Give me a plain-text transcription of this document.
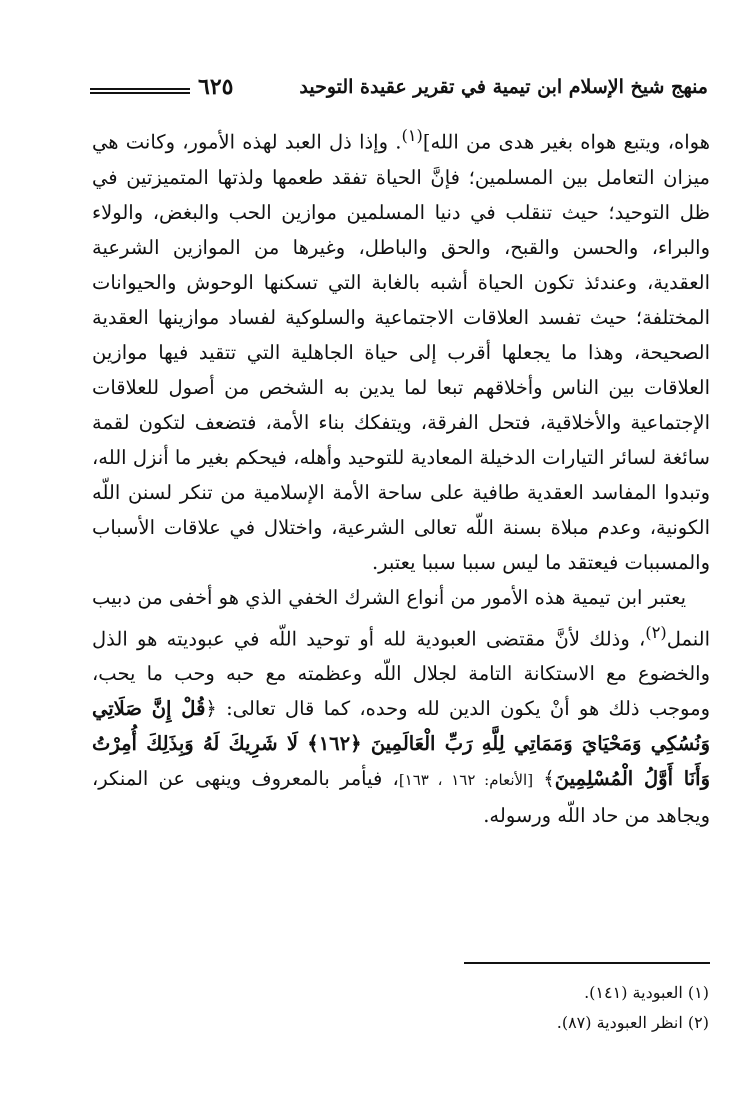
منهج شيخ الإسلام ابن تيمية في تقرير عقيدة التوحيد
٦٢٥

هواه، ويتبع هواه بغير هدى من الله]$^{(١)}$. وإذا ذل العبد لهذه الأمور، وكانت هي ميزان التعامل بين المسلمين؛ فإنَّ الحياة تفقد طعمها ولذتها المتميزتين في ظل التوحيد؛ حيث تنقلب في دنيا المسلمين موازين الحب والبغض، والولاء والبراء، والحسن والقبح، والحق والباطل، وغيرها من الموازين الشرعية العقدية، وعندئذ تكون الحياة أشبه بالغابة التي تسكنها الوحوش والحيوانات المختلفة؛ حيث تفسد العلاقات الاجتماعية والسلوكية لفساد موازينها العقدية الصحيحة، وهذا ما يجعلها أقرب إلى حياة الجاهلية التي تتقيد فيها موازين العلاقات بين الناس وأخلاقهم تبعا لما يدين به الشخص من أصول للعلاقات الإجتماعية والأخلاقية، فتحل الفرقة، ويتفكك بناء الأمة، فتضعف لتكون لقمة سائغة لسائر التيارات الدخيلة المعادية للتوحيد وأهله، فيحكم بغير ما أنزل الله، وتبدوا المفاسد العقدية طافية على ساحة الأمة الإسلامية من تنكر لسنن اللّه الكونية، وعدم مبلاة بسنة اللّه تعالى الشرعية، واختلال في علاقات الأسباب والمسببات فيعتقد ما ليس سببا سببا يعتبر.

يعتبر ابن تيمية هذه الأمور من أنواع الشرك الخفي الذي هو أخفى من دبيب النمل$^{(٢)}$، وذلك لأنَّ مقتضى العبودية لله أو توحيد اللّه في عبوديته هو الذل والخضوع مع الاستكانة التامة لجلال اللّه وعظمته مع حبه وحب ما يحب، وموجب ذلك هو أنْ يكون الدين لله وحده، كما قال تعالى: ﴿قُلْ إِنَّ صَلَاتِي وَنُسُكِي وَمَحْيَايَ وَمَمَاتِي لِلَّهِ رَبِّ الْعَالَمِينَ ﴿١٦٢﴾ لَا شَرِيكَ لَهُ وَبِذَلِكَ أُمِرْتُ وَأَنَا أَوَّلُ الْمُسْلِمِينَ﴾ [الأنعام: ١٦٢ ، ١٦٣]، فيأمر بالمعروف وينهى عن المنكر، ويجاهد من حاد اللّه ورسوله.

(١) العبودية (١٤١).
(٢) انظر العبودية (٨٧).
